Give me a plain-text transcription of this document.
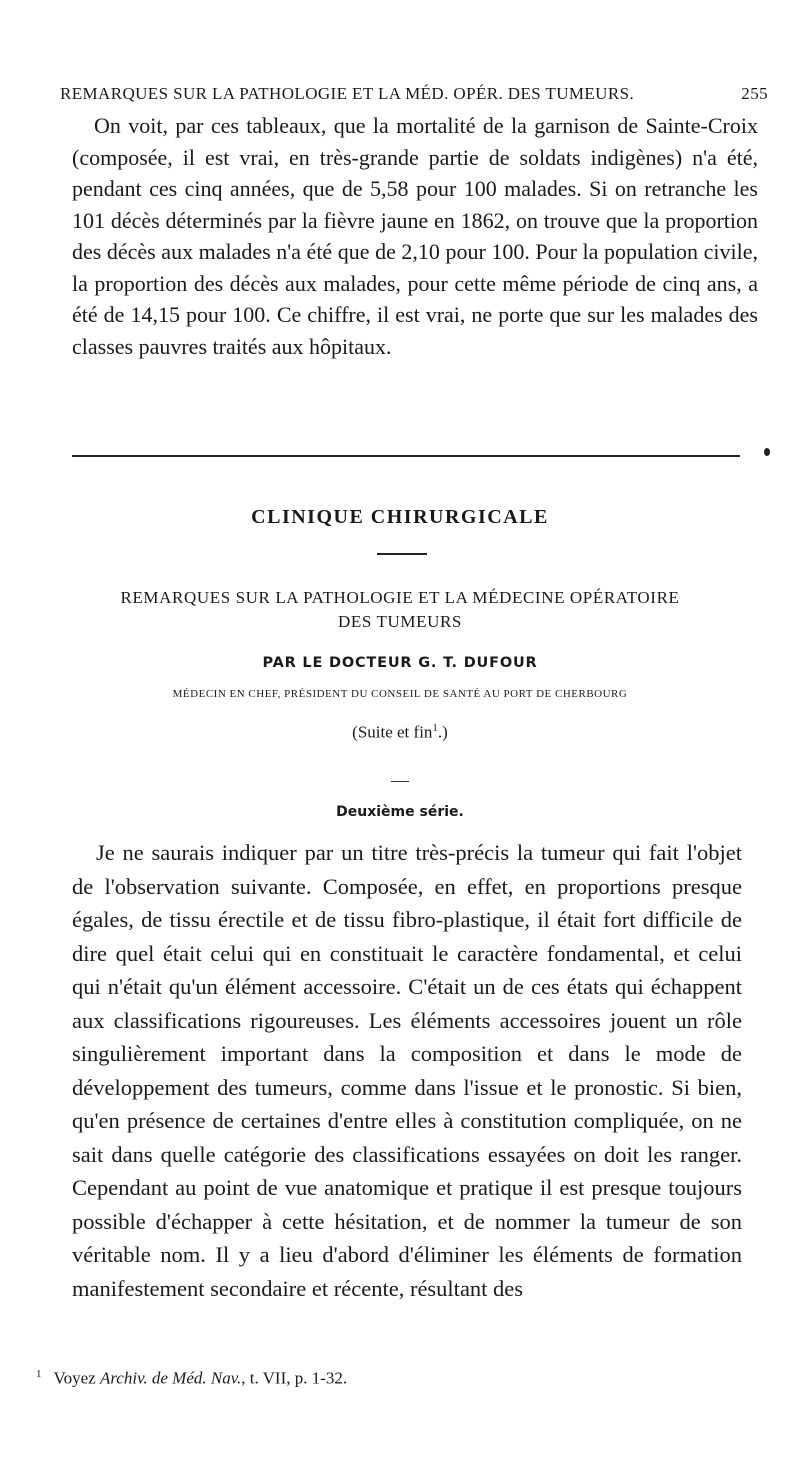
REMARQUES SUR LA PATHOLOGIE ET LA MÉD. OPÉR. DES TUMEURS.	255

On voit, par ces tableaux, que la mortalité de la garnison de Sainte-Croix (composée, il est vrai, en très-grande partie de soldats indigènes) n'a été, pendant ces cinq années, que de 5,58 pour 100 malades. Si on retranche les 101 décès déterminés par la fièvre jaune en 1862, on trouve que la proportion des décès aux malades n'a été que de 2,10 pour 100. Pour la population civile, la proportion des décès aux malades, pour cette même période de cinq ans, a été de 14,15 pour 100. Ce chiffre, il est vrai, ne porte que sur les malades des classes pauvres traités aux hôpitaux.

CLINIQUE CHIRURGICALE
REMARQUES SUR LA PATHOLOGIE ET LA MÉDECINE OPÉRATOIRE
DES TUMEURS
PAR LE DOCTEUR G. T. DUFOUR
MÉDECIN EN CHEF, PRÉSIDENT DU CONSEIL DE SANTÉ AU PORT DE CHERBOURG
(Suite et fin$^1$.)
—
Deuxième série.

Je ne saurais indiquer par un titre très-précis la tumeur qui fait l'objet de l'observation suivante. Composée, en effet, en proportions presque égales, de tissu érectile et de tissu fibro-plastique, il était fort difficile de dire quel était celui qui en constituait le caractère fondamental, et celui qui n'était qu'un élément accessoire. C'était un de ces états qui échappent aux classifications rigoureuses. Les éléments accessoires jouent un rôle singulièrement important dans la composition et dans le mode de développement des tumeurs, comme dans l'issue et le pronostic. Si bien, qu'en présence de certaines d'entre elles à constitution compliquée, on ne sait dans quelle catégorie des classifications essayées on doit les ranger. Cependant au point de vue anatomique et pratique il est presque toujours possible d'échapper à cette hésitation, et de nommer la tumeur de son véritable nom. Il y a lieu d'abord d'éliminer les éléments de formation manifestement secondaire et récente, résultant des

$^1$ Voyez Archiv. de Méd. Nav., t. VII, p. 1-32.
